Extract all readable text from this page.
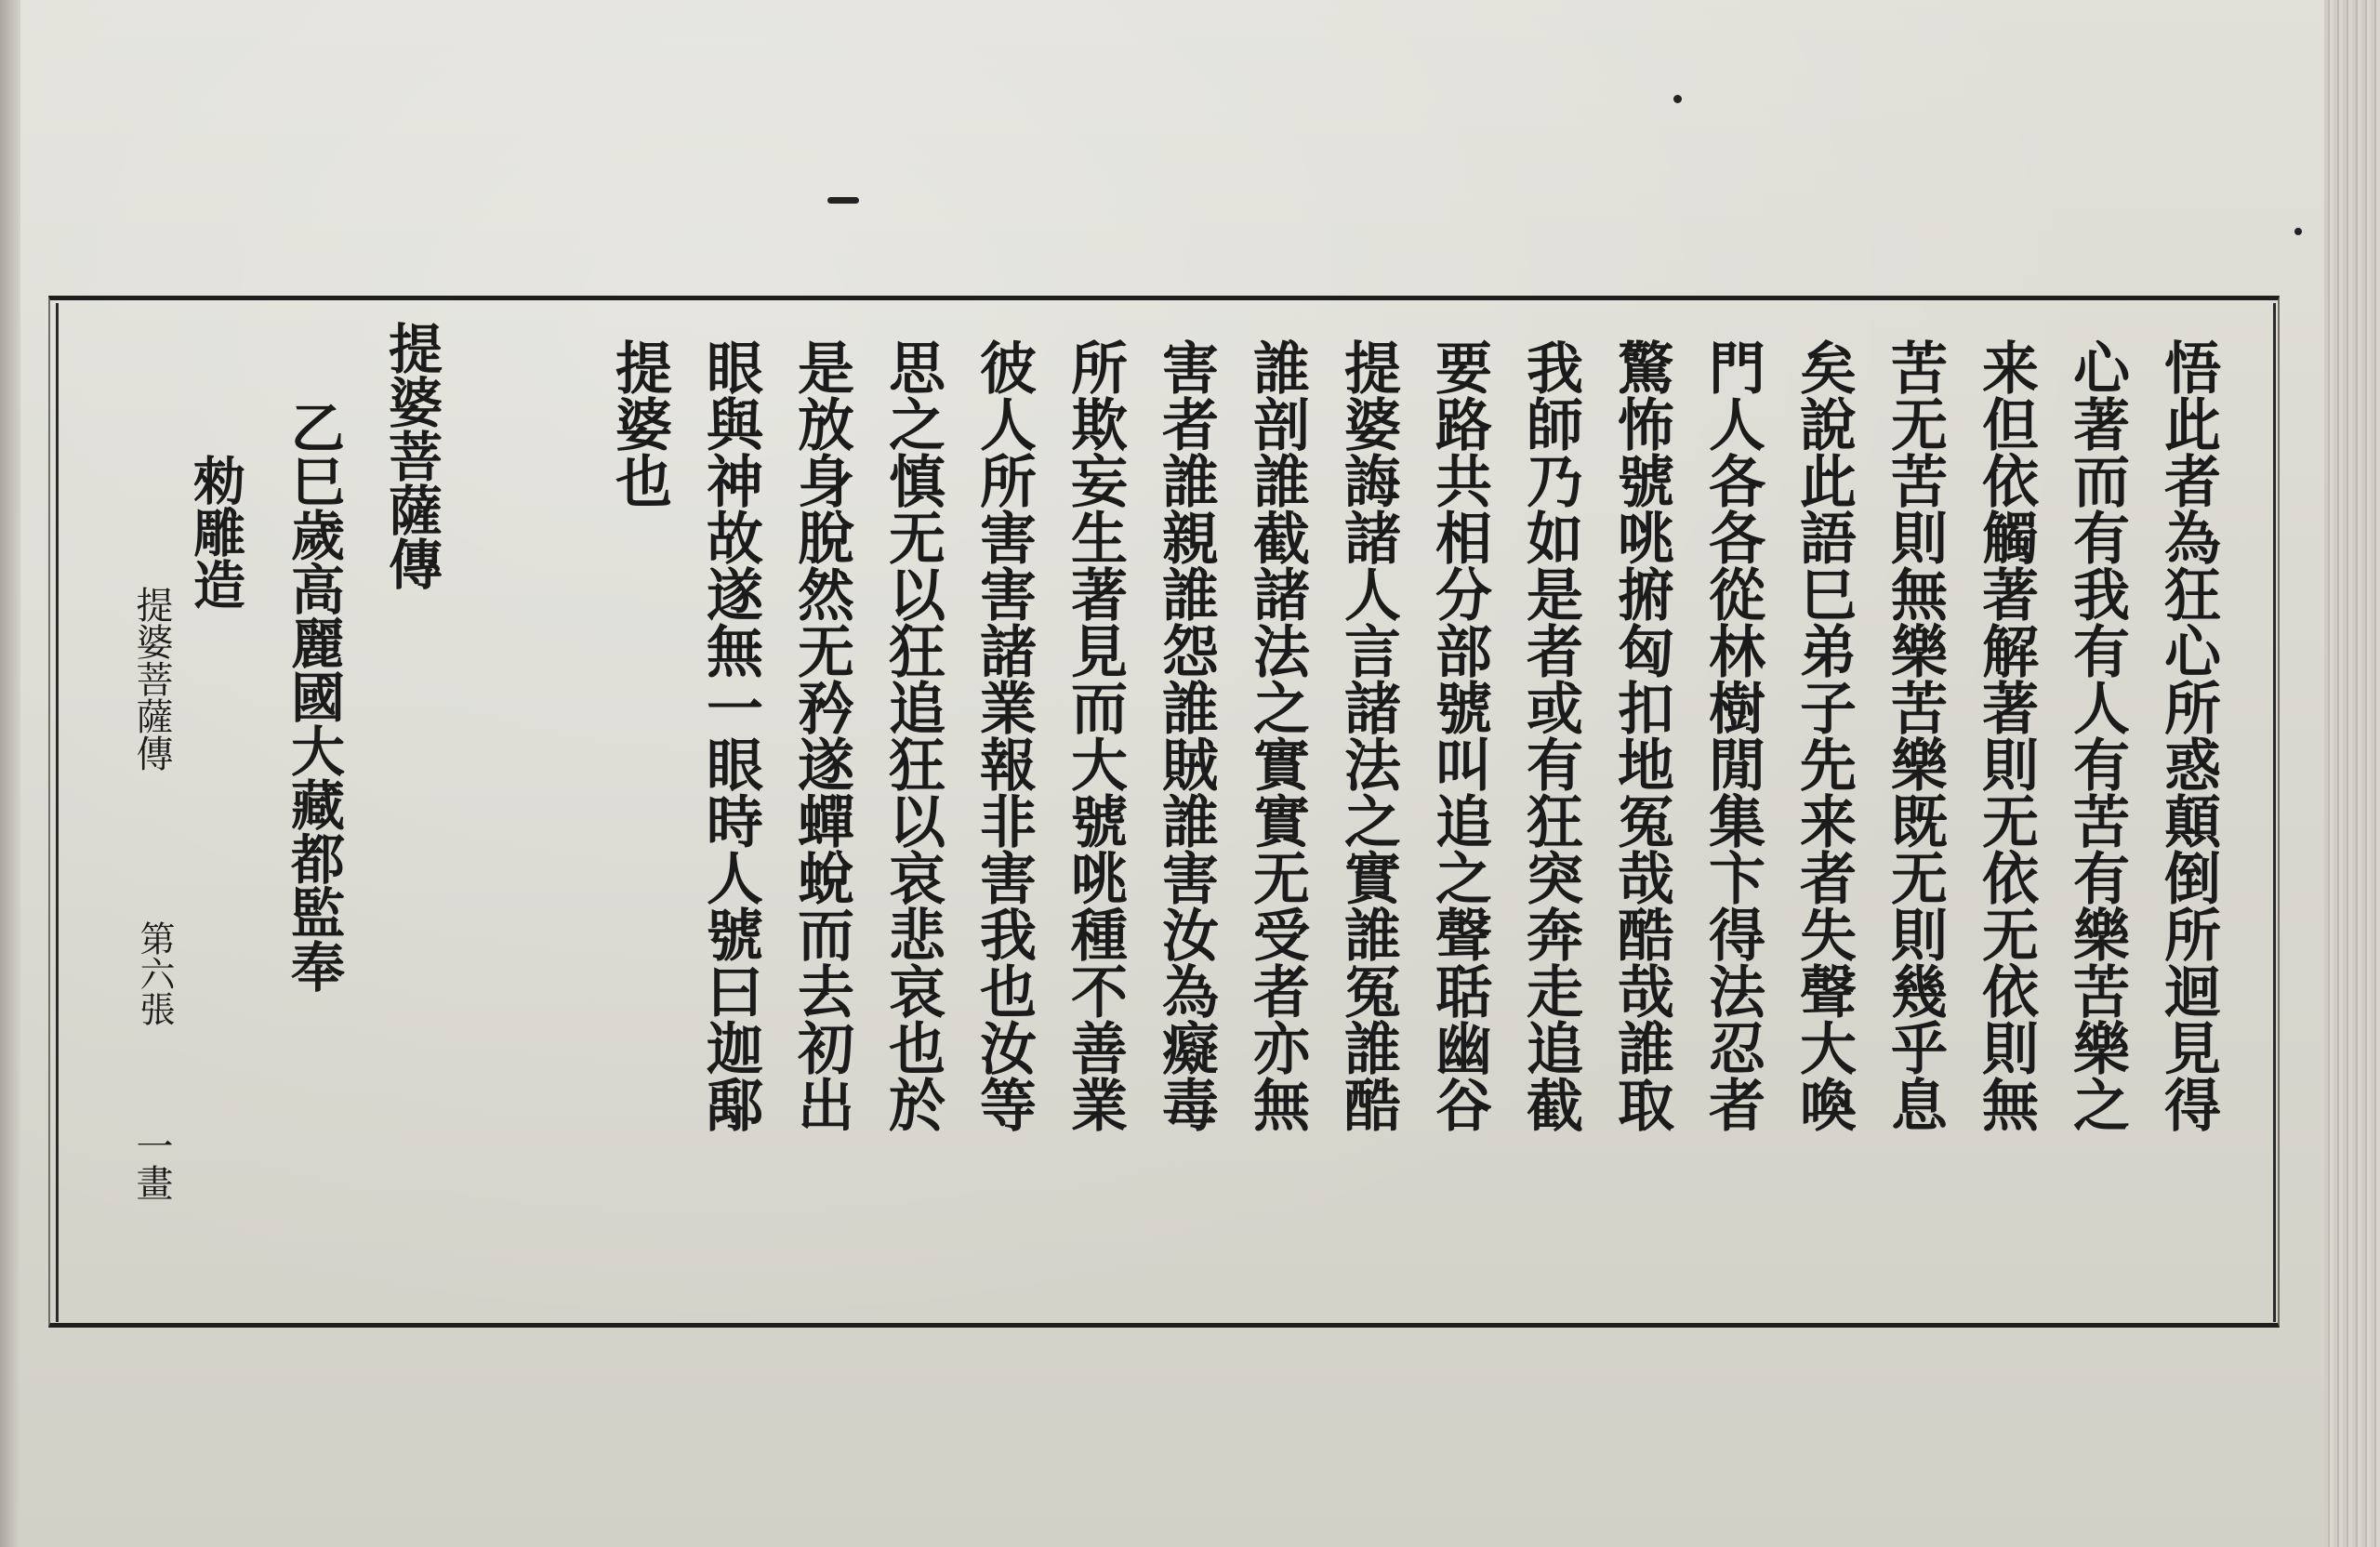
悟此者為狂心所惑顛倒所迴見得
心著而有我有人有苦有樂苦樂之
来但依觸著解著則无依无依則無
苦无苦則無樂苦樂既无則幾乎息
矣說此語巳弟子先来者失聲大喚
門人各各從林樹閒集卞得法忍者
驚怖號咷捬匈扣地冤哉酷哉誰取
我師乃如是者或有狂突奔走追截
要路共相分部號叫追之聲聒幽谷
提婆誨諸人言諸法之實誰冤誰酷
誰剖誰截諸法之實實无受者亦無
害者誰親誰怨誰賊誰害汝為癡毒
所欺妄生著見而大號咷種不善業
彼人所害害諸業報非害我也汝等
思之慎无以狂追狂以哀悲哀也於
是放身脫然无矜遂蟬蛻而去初出
眼與神故遂無一眼時人號曰迦鄅
提婆也
提婆菩薩傳
乙巳歲高麗國大藏都監奉
勑雕造
提婆菩薩傳
第六張
一畫
